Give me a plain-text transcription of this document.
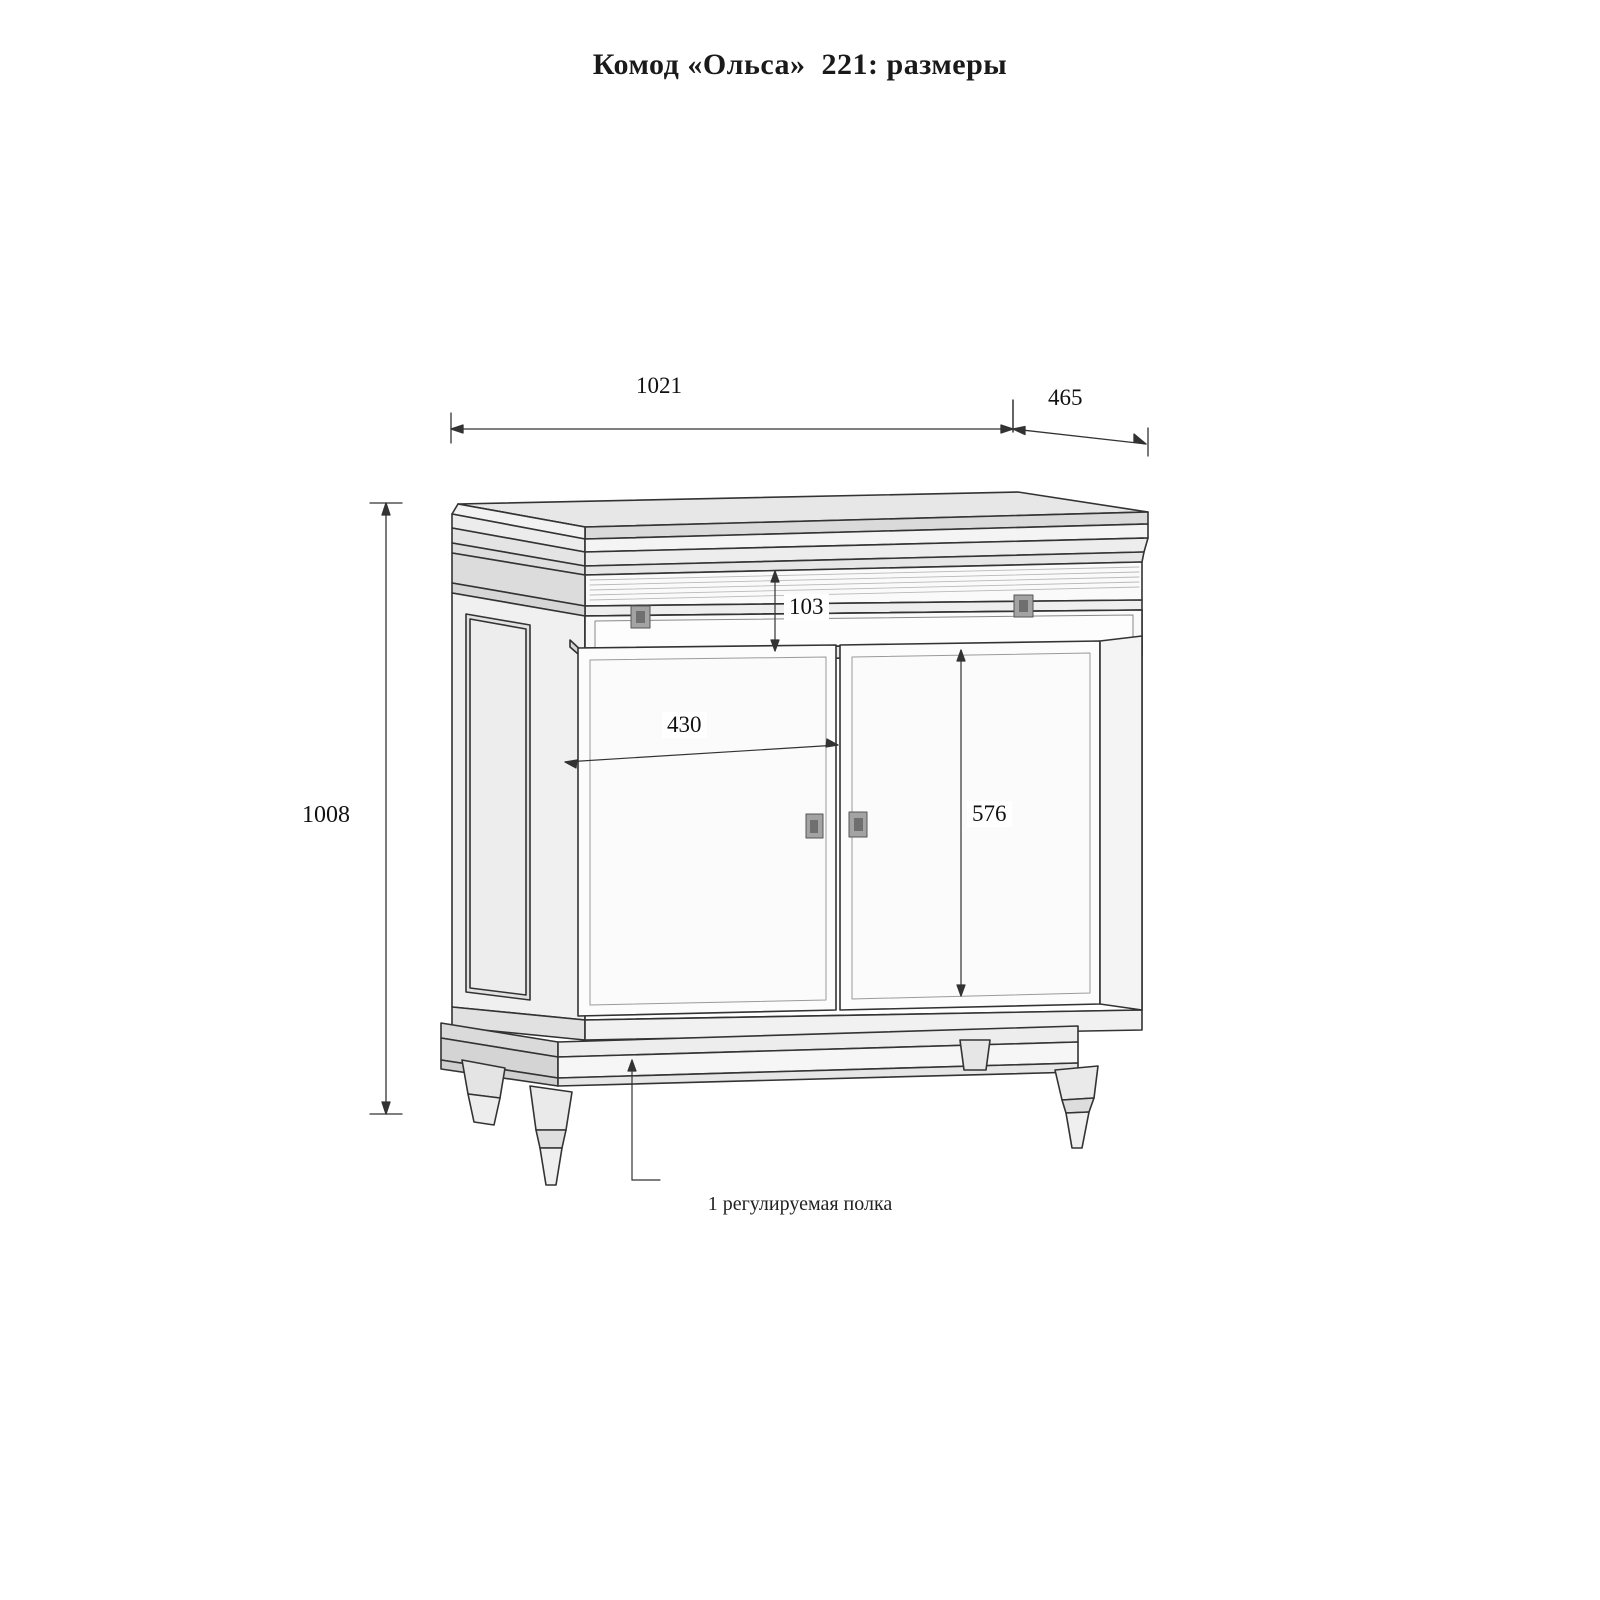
Комод «Ольса»  221: размеры
1021	465
1008
103
430
576
1 регулируемая полка
